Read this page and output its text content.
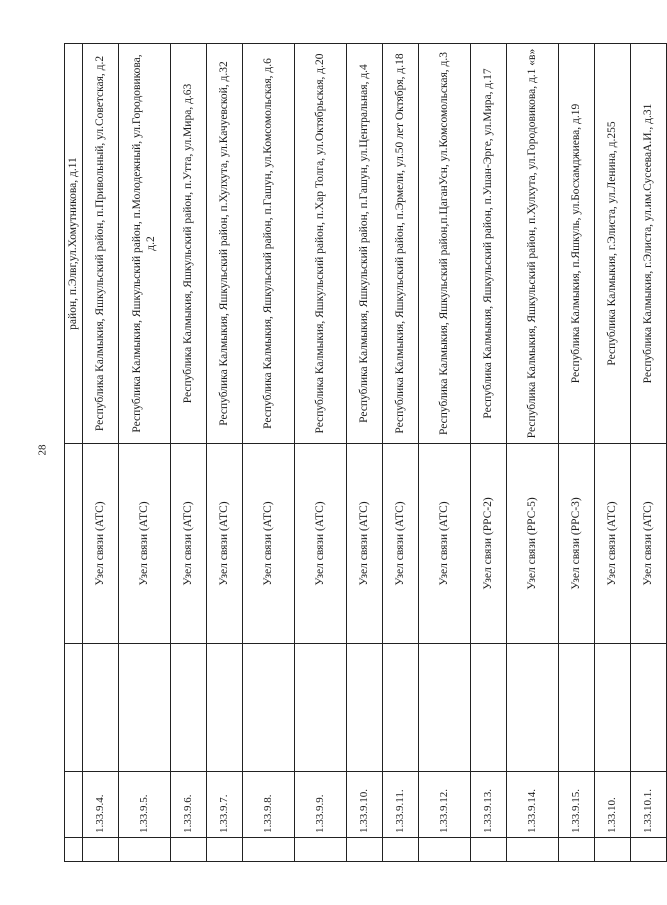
28
				район, п.Элвг,ул.Хомутникова, д.11
	1.33.9.4.		Узел связи (АТС)	Республика Калмыкия, Яшкульский район, п.Привольный, ул.Советская, д.2
	1.33.9.5.		Узел связи (АТС)	Республика Калмыкия, Яшкульский район, п.Молодежный, ул.Городовикова, д.2
	1.33.9.6.		Узел связи (АТС)	Республика Калмыкия, Яшкульский район, п.Утта, ул.Мира, д.63
	1.33.9.7.		Узел связи (АТС)	Республика Калмыкия, Яшкульский район, п.Хулхута, ул.Качуевской, д.32
	1.33.9.8.		Узел связи (АТС)	Республика Калмыкия, Яшкульский район, п.Гашун, ул.Комсомольская, д.6
	1.33.9.9.		Узел связи (АТС)	Республика Калмыкия, Яшкульский район, п.Хар Толга, ул.Октябрьская, д.20
	1.33.9.10.		Узел связи (АТС)	Республика Калмыкия, Яшкульский район, п.Гашун, ул.Центральная, д.4
	1.33.9.11.		Узел связи (АТС)	Республика Калмыкия, Яшкульский район, п.Эрмели, ул.50 лет Октября, д.18
	1.33.9.12.		Узел связи (АТС)	Республика Калмыкия, Яшкульский район,п.ЦаганУсн, ул.Комсомольская, д.3
	1.33.9.13.		Узел связи (РРС-2)	Республика Калмыкия, Яшкульский район, п.Ушан-Эрге, ул.Мира, д.17
	1.33.9.14.		Узел связи (РРС-5)	Республика Калмыкия, Яшкульский район, п.Хулхута, ул.Городовикова, д.1 «в»
	1.33.9.15.		Узел связи (РРС-3)	Республика Калмыкия, п.Яшкуль, ул.Босхамджиева, д.19
	1.33.10.		Узел связи (АТС)	Республика Калмыкия, г.Элиста, ул.Ленина, д.255
	1.33.10.1.		Узел связи (АТС)	Республика Калмыкия, г.Элиста, ул.им.СусееваА.И., д.31
